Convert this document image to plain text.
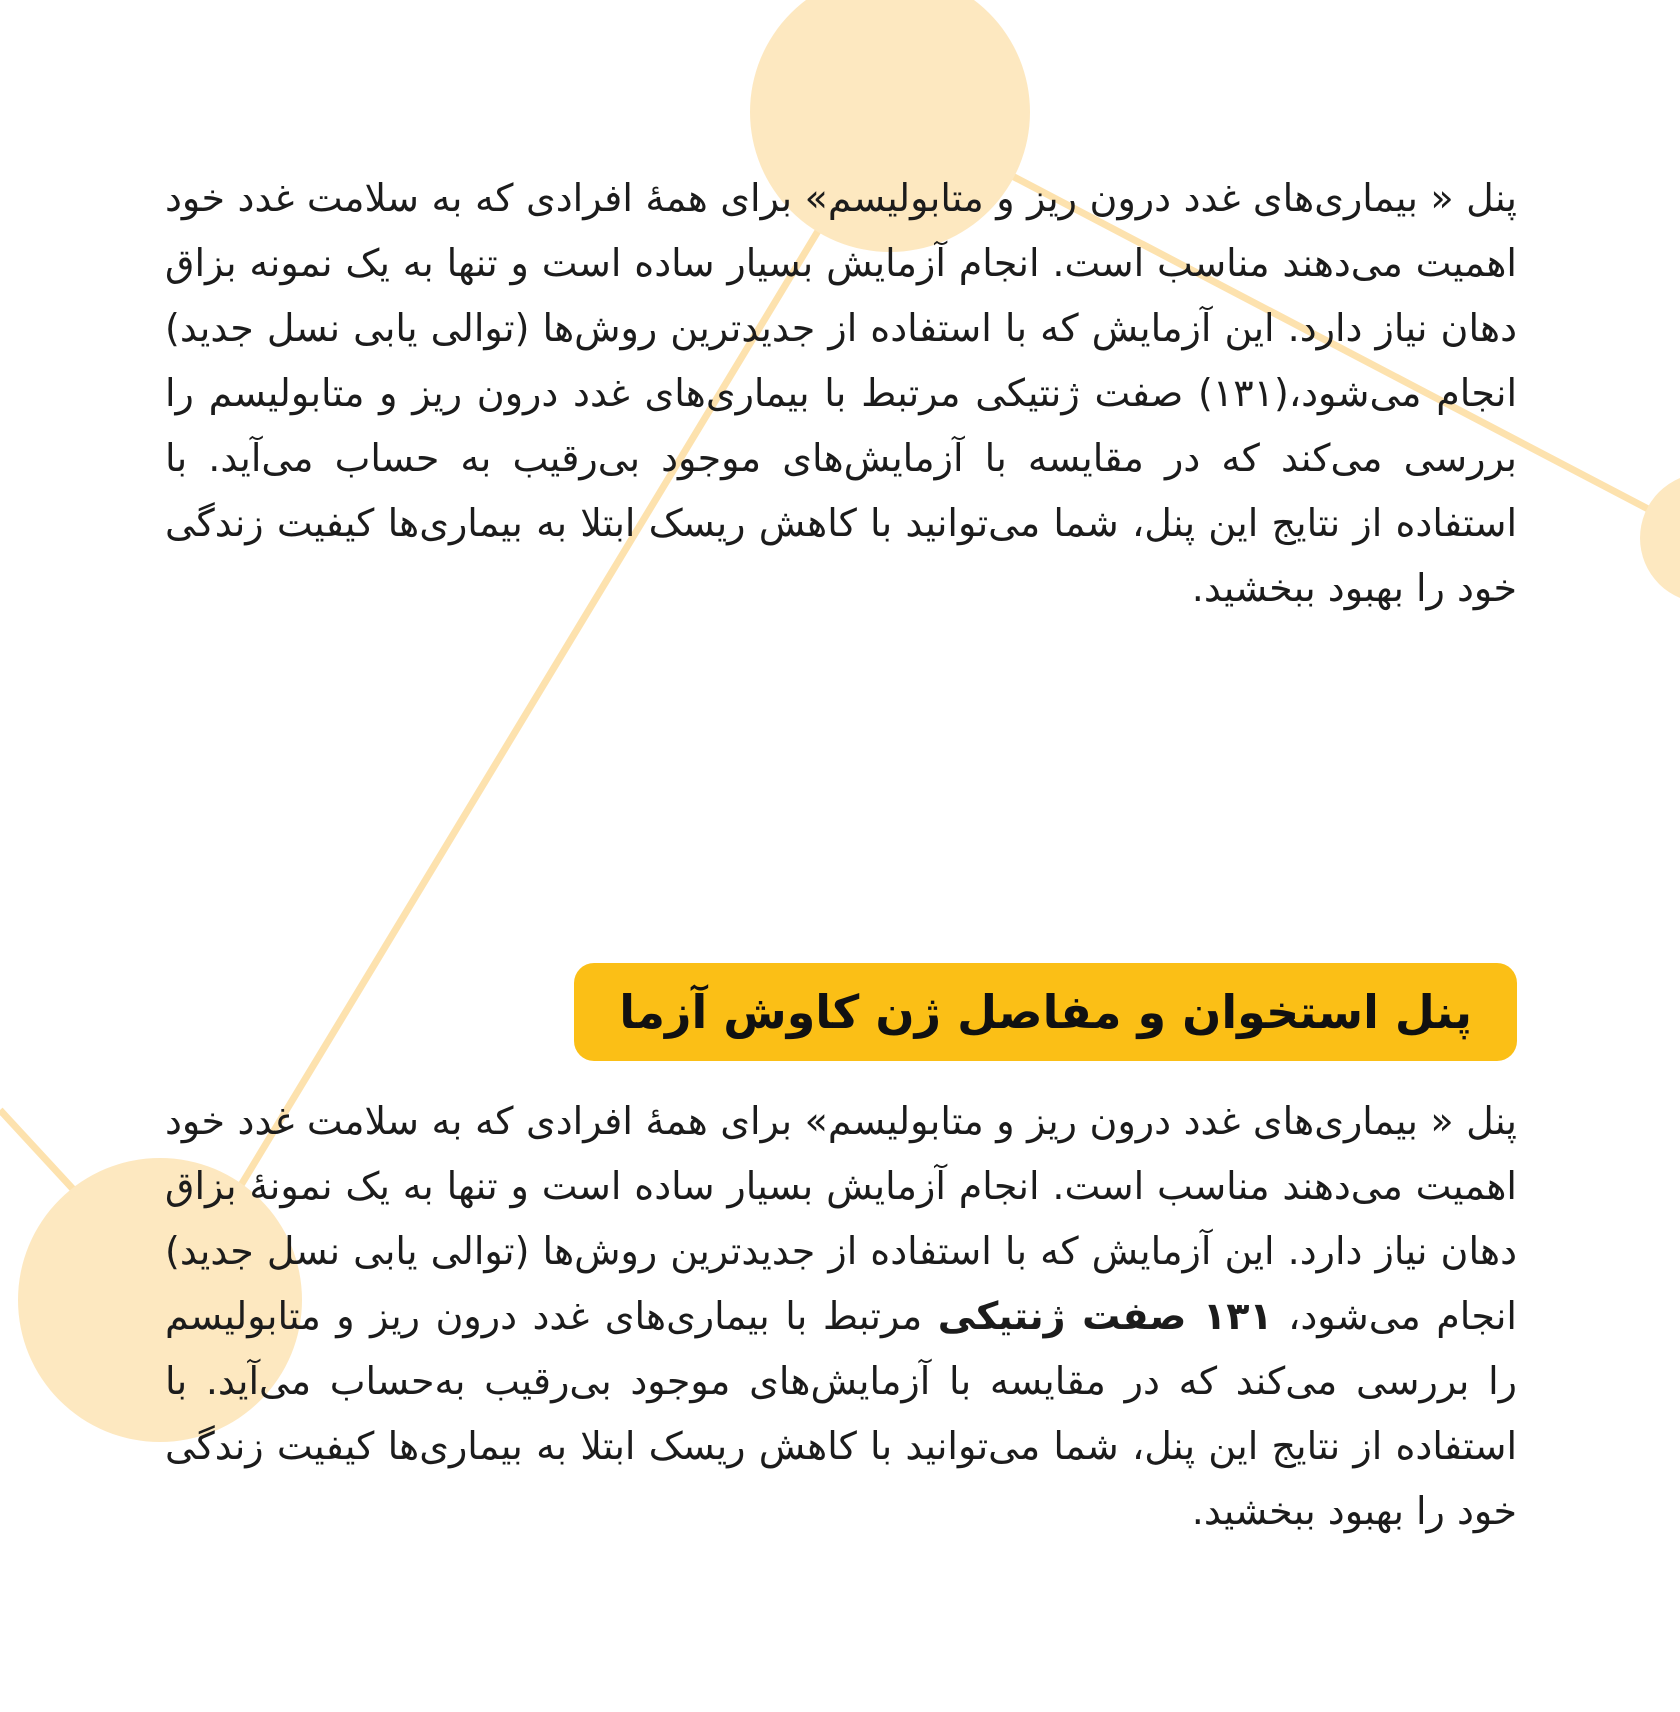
پنل « بیماری‌های غدد درون ریز و متابولیسم» برای همهٔ افرادی که به سلامت غدد خود اهمیت می‌دهند مناسب است. انجام آزمایش بسیار ساده است و تنها به یک نمونه بزاق دهان نیاز دارد. این آزمایش که با استفاده از جدیدترین روش‌ها (توالی یابی نسل جدید) انجام می‌شود،(۱۳۱) صفت ژنتیکی مرتبط با بیماری‌های غدد درون ریز و متابولیسم را بررسی می‌کند که در مقایسه با آزمایش‌های موجود بی‌رقیب به حساب می‌آید. با استفاده از نتایج این پنل، شما می‌توانید با کاهش ریسک ابتلا به بیماری‌ها کیفیت زندگی خود را بهبود ببخشید.

پنل استخوان و مفاصل ژن کاوش آزما

پنل « بیماری‌های غدد درون ریز و متابولیسم» برای همهٔ افرادی که به سلامت غدد خود اهمیت می‌دهند مناسب است. انجام آزمایش بسیار ساده است و تنها به یک نمونهٔ بزاق دهان نیاز دارد. این آزمایش که با استفاده از جدیدترین روش‌ها (توالی یابی نسل جدید) انجام می‌شود، ۱۳۱ صفت ژنتیکی مرتبط با بیماری‌های غدد درون ریز و متابولیسم را بررسی می‌کند که در مقایسه با آزمایش‌های موجود بی‌رقیب به‌حساب می‌آید. با استفاده از نتایج این پنل، شما می‌توانید با کاهش ریسک ابتلا به بیماری‌ها کیفیت زندگی خود را بهبود ببخشید.
